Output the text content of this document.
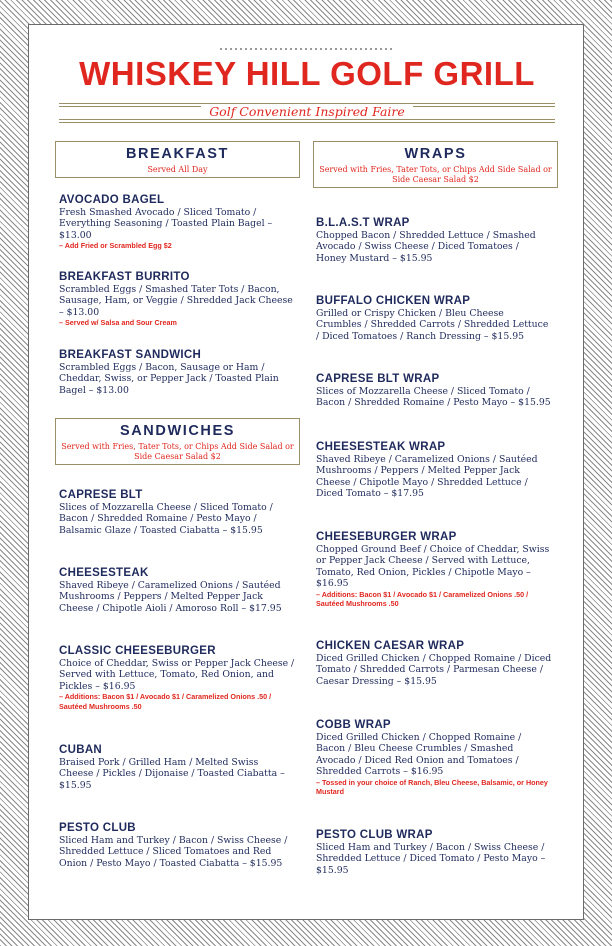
WHISKEY HILL GOLF GRILL
Golf Convenient Inspired Faire
BREAKFAST
Served All Day
AVOCADO BAGEL
Fresh Smashed Avocado / Sliced Tomato / Everything Seasoning / Toasted Plain Bagel – $13.00
– Add Fried or Scrambled Egg $2
BREAKFAST BURRITO
Scrambled Eggs / Smashed Tater Tots / Bacon, Sausage, Ham, or Veggie / Shredded Jack Cheese – $13.00
– Served w/ Salsa and Sour Cream
BREAKFAST SANDWICH
Scrambled Eggs / Bacon, Sausage or Ham / Cheddar, Swiss, or Pepper Jack / Toasted Plain Bagel – $13.00
SANDWICHES
Served with Fries, Tater Tots, or Chips Add Side Salad or Side Caesar Salad $2
CAPRESE BLT
Slices of Mozzarella Cheese / Sliced Tomato / Bacon / Shredded Romaine / Pesto Mayo / Balsamic Glaze / Toasted Ciabatta – $15.95
CHEESESTEAK
Shaved Ribeye / Caramelized Onions / Sautéed Mushrooms / Peppers / Melted Pepper Jack Cheese / Chipotle Aioli / Amoroso Roll – $17.95
CLASSIC CHEESEBURGER
Choice of Cheddar, Swiss or Pepper Jack Cheese / Served with Lettuce, Tomato, Red Onion, and Pickles – $16.95
– Additions: Bacon $1 / Avocado $1 / Caramelized Onions .50 / Sautéed Mushrooms .50
CUBAN
Braised Pork / Grilled Ham / Melted Swiss Cheese / Pickles / Dijonaise / Toasted Ciabatta – $15.95
PESTO CLUB
Sliced Ham and Turkey / Bacon / Swiss Cheese / Shredded Lettuce / Sliced Tomatoes and Red Onion / Pesto Mayo / Toasted Ciabatta – $15.95
WRAPS
Served with Fries, Tater Tots, or Chips Add Side Salad or Side Caesar Salad $2
B.L.A.S.T WRAP
Chopped Bacon / Shredded Lettuce / Smashed Avocado / Swiss Cheese / Diced Tomatoes / Honey Mustard – $15.95
BUFFALO CHICKEN WRAP
Grilled or Crispy Chicken / Bleu Cheese Crumbles / Shredded Carrots / Shredded Lettuce / Diced Tomatoes / Ranch Dressing – $15.95
CAPRESE BLT WRAP
Slices of Mozzarella Cheese / Sliced Tomato / Bacon / Shredded Romaine / Pesto Mayo – $15.95
CHEESESTEAK WRAP
Shaved Ribeye / Caramelized Onions / Sautéed Mushrooms / Peppers / Melted Pepper Jack Cheese / Chipotle Mayo / Shredded Lettuce / Diced Tomato – $17.95
CHEESEBURGER WRAP
Chopped Ground Beef / Choice of Cheddar, Swiss or Pepper Jack Cheese / Served with Lettuce, Tomato, Red Onion, Pickles / Chipotle Mayo – $16.95
– Additions: Bacon $1 / Avocado $1 / Caramelized Onions .50 / Sautéed Mushrooms .50
CHICKEN CAESAR WRAP
Diced Grilled Chicken / Chopped Romaine / Diced Tomato / Shredded Carrots / Parmesan Cheese / Caesar Dressing – $15.95
COBB WRAP
Diced Grilled Chicken / Chopped Romaine / Bacon / Bleu Cheese Crumbles / Smashed Avocado / Diced Red Onion and Tomatoes / Shredded Carrots – $16.95
– Tossed in your choice of Ranch, Bleu Cheese, Balsamic, or Honey Mustard
PESTO CLUB WRAP
Sliced Ham and Turkey / Bacon / Swiss Cheese / Shredded Lettuce / Diced Tomato / Pesto Mayo – $15.95
